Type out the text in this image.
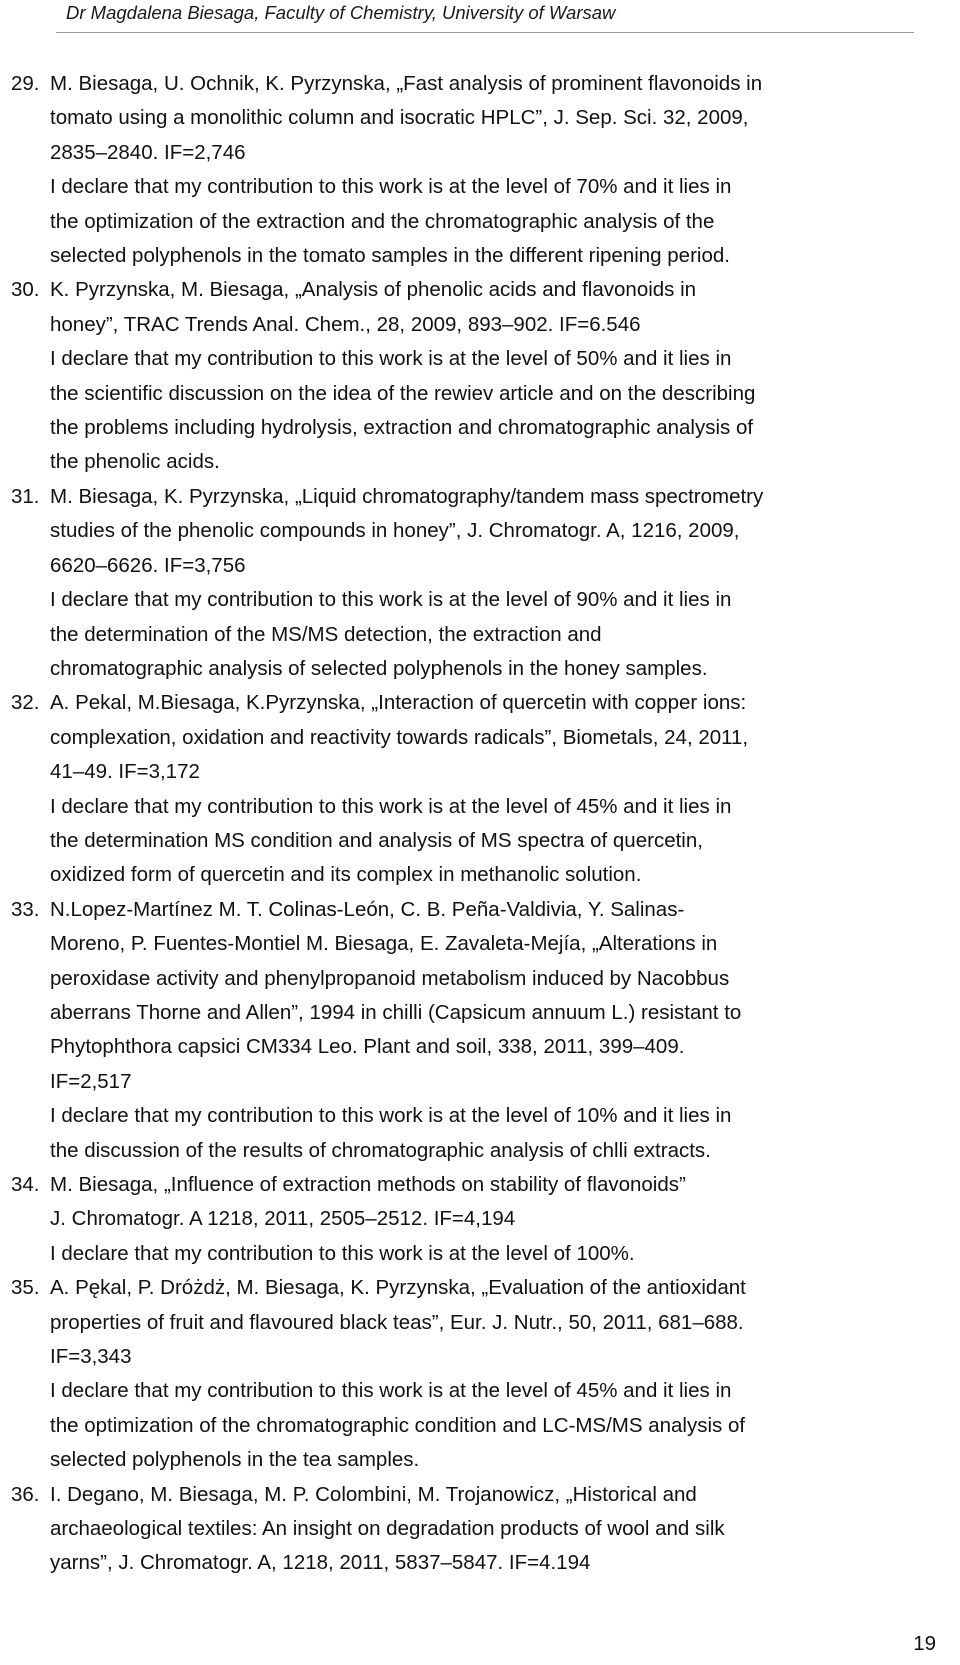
Dr Magdalena Biesaga, Faculty of Chemistry, University of Warsaw
29. M. Biesaga, U. Ochnik, K. Pyrzynska, „Fast analysis of prominent flavonoids in
tomato using a monolithic column and isocratic HPLC”, J. Sep. Sci. 32, 2009,
2835–2840. IF=2,746
I declare that my contribution to this work is at the level of 70% and it lies in
the optimization of the extraction and the chromatographic analysis of the
selected polyphenols in the tomato samples in the different ripening period.
30. K. Pyrzynska, M. Biesaga, „Analysis of phenolic acids and flavonoids in
honey”, TRAC Trends Anal. Chem., 28, 2009, 893–902. IF=6.546
I declare that my contribution to this work is at the level of 50% and it lies in
the scientific discussion on the idea of the rewiev article and on the describing
the problems including hydrolysis, extraction and chromatographic analysis of
the phenolic acids.
31. M. Biesaga, K. Pyrzynska, „Liquid chromatography/tandem mass spectrometry
studies of the phenolic compounds in honey”, J. Chromatogr. A, 1216, 2009,
6620–6626. IF=3,756
I declare that my contribution to this work is at the level of 90% and it lies in
the determination of the MS/MS detection, the extraction and
chromatographic analysis of selected polyphenols in the honey samples.
32. A. Pekal, M.Biesaga, K.Pyrzynska, „Interaction of quercetin with copper ions:
complexation, oxidation and reactivity towards radicals”, Biometals, 24, 2011,
41–49. IF=3,172
I declare that my contribution to this work is at the level of 45% and it lies in
the determination MS condition and analysis of MS spectra of quercetin,
oxidized form of quercetin and its complex in methanolic solution.
33. N.Lopez-Martínez M. T. Colinas-León, C. B. Peña-Valdivia, Y. Salinas-
Moreno, P. Fuentes-Montiel M. Biesaga, E. Zavaleta-Mejía, „Alterations in
peroxidase activity and phenylpropanoid metabolism induced by Nacobbus
aberrans Thorne and Allen”, 1994 in chilli (Capsicum annuum L.) resistant to
Phytophthora capsici CM334 Leo. Plant and soil, 338, 2011, 399–409.
IF=2,517
I declare that my contribution to this work is at the level of 10% and it lies in
the discussion of the results of chromatographic analysis of chlli extracts.
34. M. Biesaga, „Influence of extraction methods on stability of flavonoids”
J. Chromatogr. A 1218, 2011, 2505–2512. IF=4,194
I declare that my contribution to this work is at the level of 100%.
35. A. Pękal, P. Dróżdż, M. Biesaga, K. Pyrzynska, „Evaluation of the antioxidant
properties of fruit and flavoured black teas”, Eur. J. Nutr., 50, 2011, 681–688.
IF=3,343
I declare that my contribution to this work is at the level of 45% and it lies in
the optimization of the chromatographic condition and LC-MS/MS analysis of
selected polyphenols in the tea samples.
36. I. Degano, M. Biesaga, M. P. Colombini, M. Trojanowicz, „Historical and
archaeological textiles: An insight on degradation products of wool and silk
yarns”, J. Chromatogr. A, 1218, 2011, 5837–5847. IF=4.194
19
